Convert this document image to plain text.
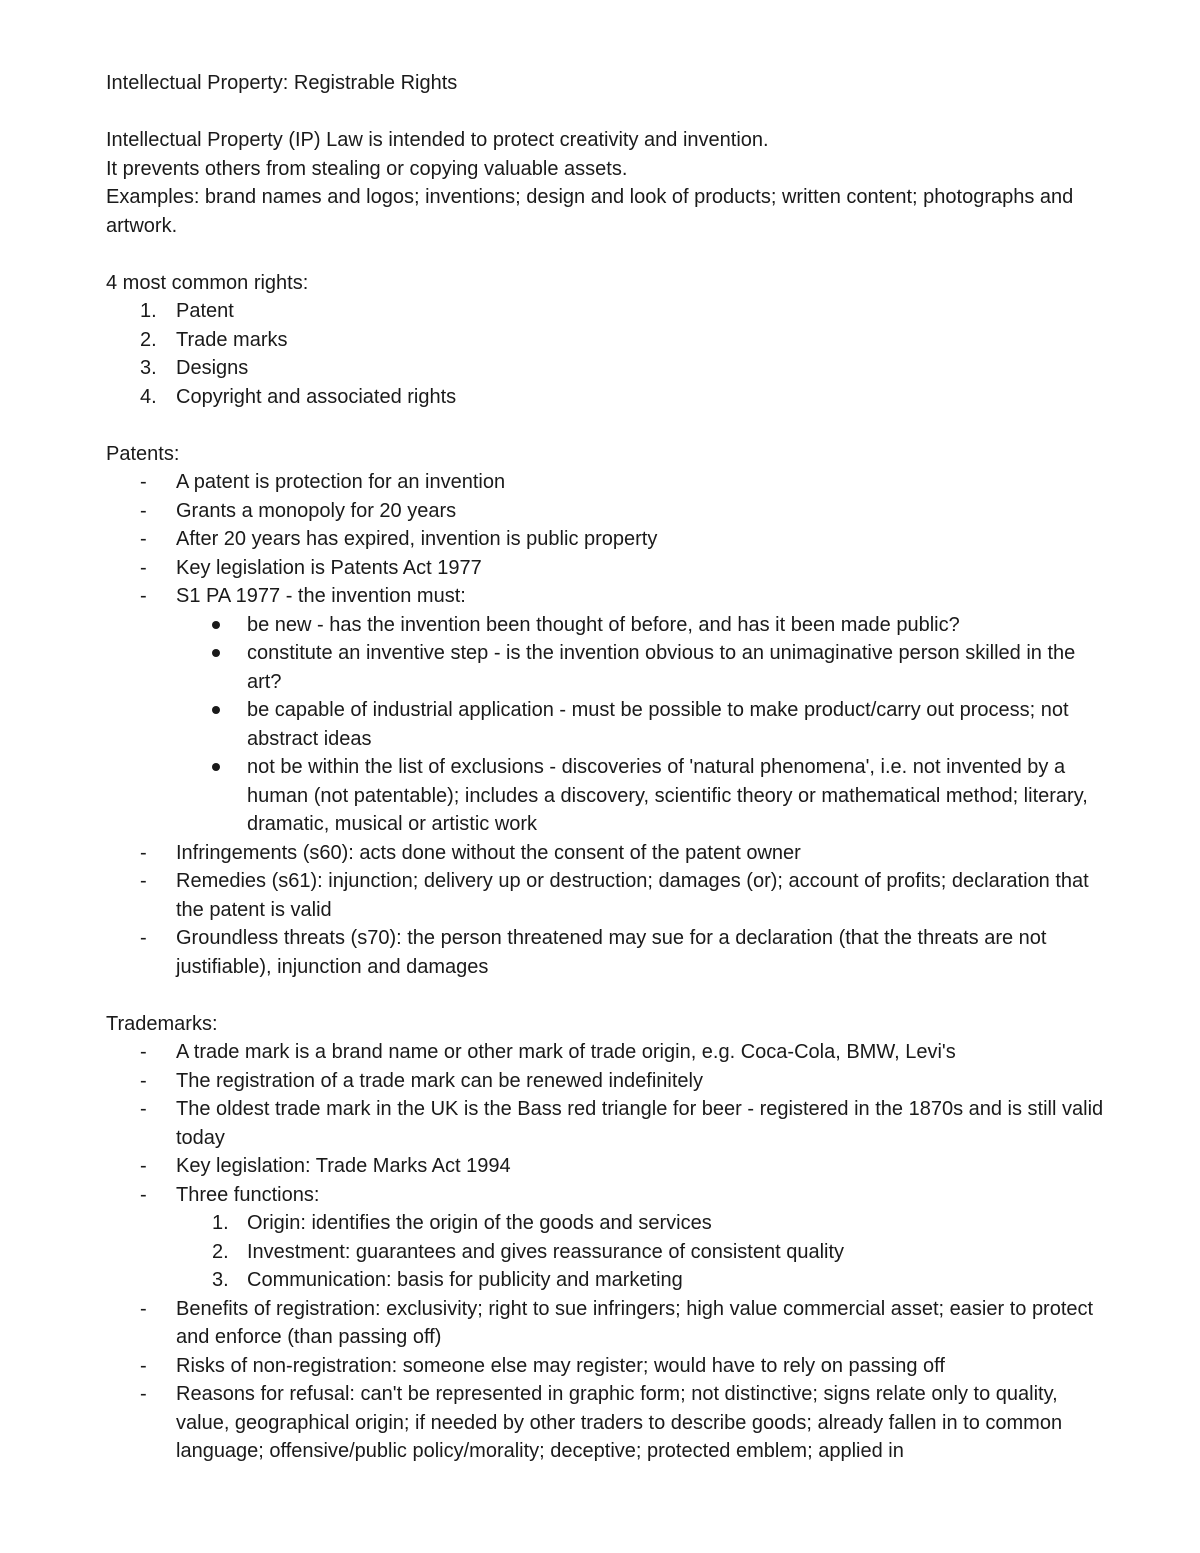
Intellectual Property: Registrable Rights

Intellectual Property (IP) Law is intended to protect creativity and invention.

It prevents others from stealing or copying valuable assets.

Examples: brand names and logos; inventions; design and look of products; written content; photographs and artwork.

4 most common rights:

1. Patent
2. Trade marks
3. Designs
4. Copyright and associated rights

Patents:

-	A patent is protection for an invention
-	Grants a monopoly for 20 years
-	After 20 years has expired, invention is public property
-	Key legislation is Patents Act 1977
-	S1 PA 1977 - the invention must:
be new - has the invention been thought of before, and has it been made public?
constitute an inventive step - is the invention obvious to an unimaginative person skilled in the art?
be capable of industrial application - must be possible to make product/carry out process; not abstract ideas
not be within the list of exclusions - discoveries of 'natural phenomena', i.e. not invented by a human (not patentable); includes a discovery, scientific theory or mathematical method; literary, dramatic, musical or artistic work
-	Infringements (s60): acts done without the consent of the patent owner
-	Remedies (s61): injunction; delivery up or destruction; damages (or); account of profits; declaration that the patent is valid
-	Groundless threats (s70): the person threatened may sue for a declaration (that the threats are not justifiable), injunction and damages

Trademarks:

-	A trade mark is a brand name or other mark of trade origin, e.g. Coca-Cola, BMW, Levi's
-	The registration of a trade mark can be renewed indefinitely
-	The oldest trade mark in the UK is the Bass red triangle for beer - registered in the 1870s and is still valid today
-	Key legislation: Trade Marks Act 1994
-	Three functions:
1. Origin: identifies the origin of the goods and services
2. Investment: guarantees and gives reassurance of consistent quality
3. Communication: basis for publicity and marketing
-	Benefits of registration: exclusivity; right to sue infringers; high value commercial asset; easier to protect and enforce (than passing off)
-	Risks of non-registration: someone else may register; would have to rely on passing off
-	Reasons for refusal: can't be represented in graphic form; not distinctive; signs relate only to quality, value, geographical origin; if needed by other traders to describe goods; already fallen in to common language; offensive/public policy/morality; deceptive; protected emblem; applied in
